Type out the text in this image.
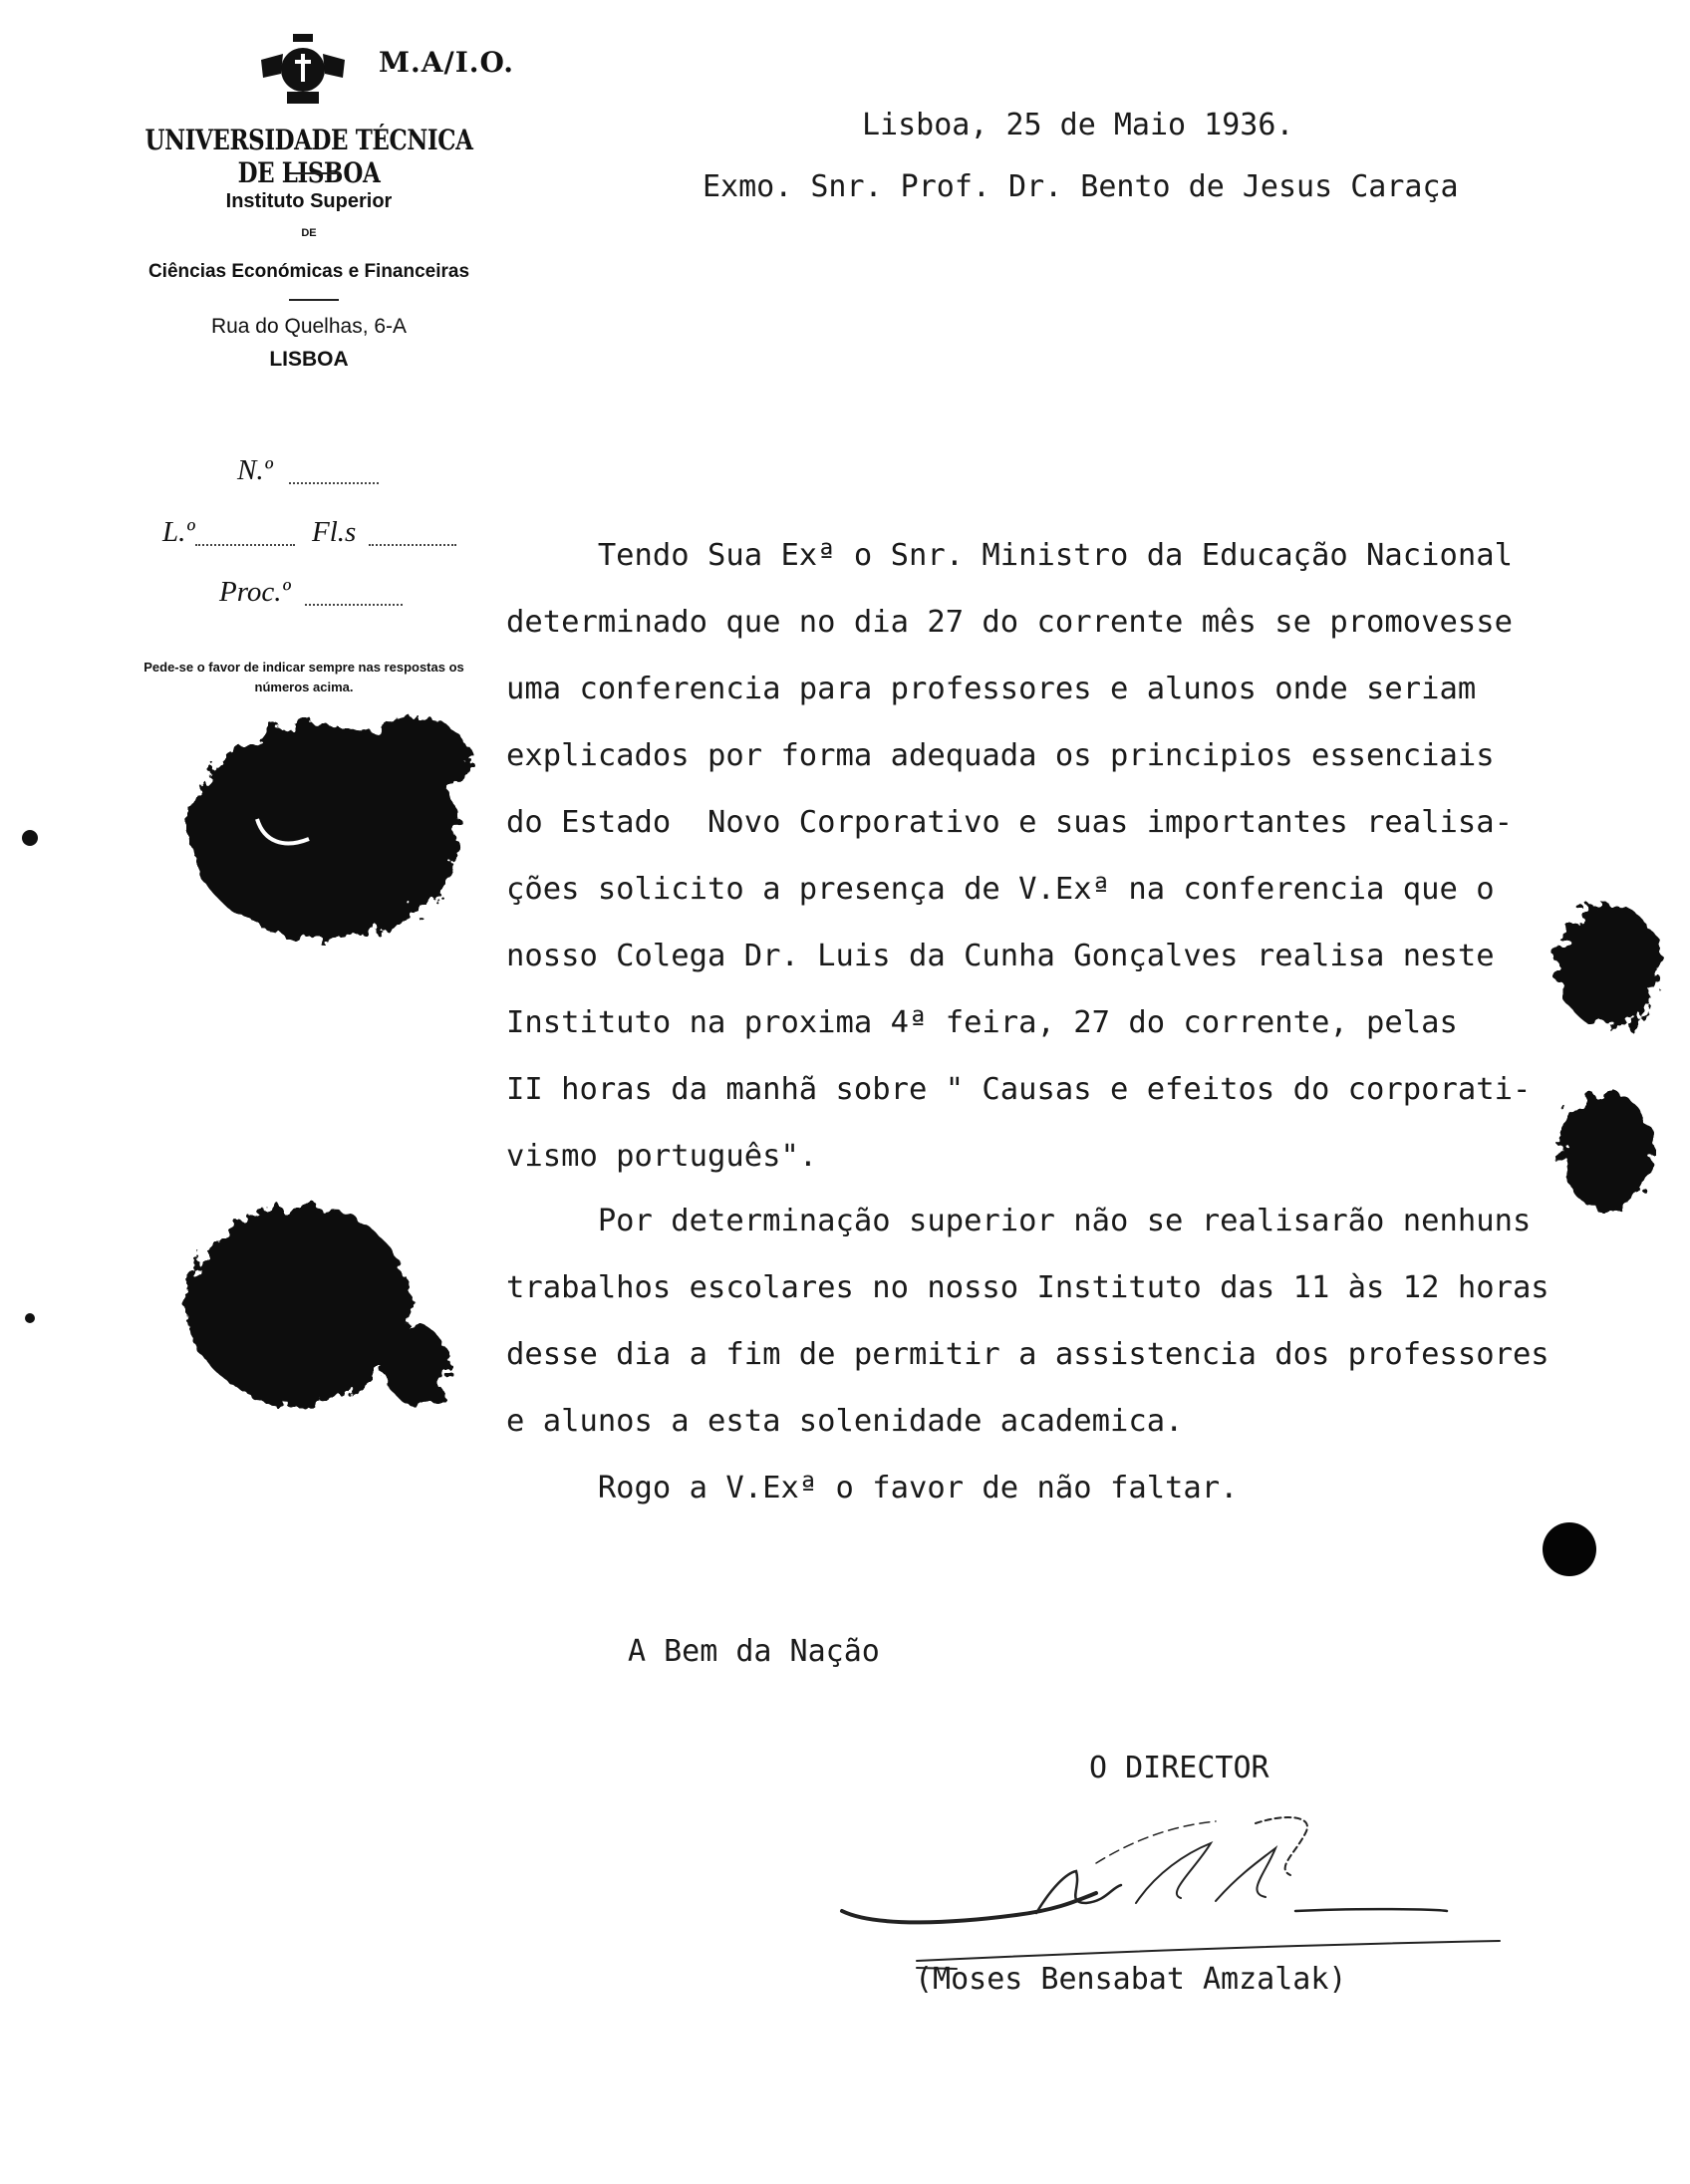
M.A/I.O.
UNIVERSIDADE TÉCNICA DE LISBOA
Instituto Superior
DE
Ciências Económicas e Financeiras
Rua do Quelhas, 6-A
LISBOA
N.º
L.º	Fl.s
Proc.º
Pede-se o favor de indicar sempre nas respostas os números acima.
Lisboa, 25 de Maio 1936.
Exmo. Snr. Prof. Dr. Bento de Jesus Caraça
Tendo Sua Exª o Snr. Ministro da Educação Nacional
determinado que no dia 27 do corrente mês se promovesse
uma conferencia para professores e alunos onde seriam
explicados por forma adequada os principios essenciais
do Estado  Novo Corporativo e suas importantes realisa-
ções solicito a presença de V.Exª na conferencia que o
nosso Colega Dr. Luis da Cunha Gonçalves realisa neste
Instituto na proxima 4ª feira, 27 do corrente, pelas
II horas da manhã sobre " Causas e efeitos do corporati-
vismo português".
Por determinação superior não se realisarão nenhuns
trabalhos escolares no nosso Instituto das 11 às 12 horas
desse dia a fim de permitir a assistencia dos professores
e alunos a esta solenidade academica.
Rogo a V.Exª o favor de não faltar.
A Bem da Nação
O DIRECTOR
(Moses Bensabat Amzalak)
